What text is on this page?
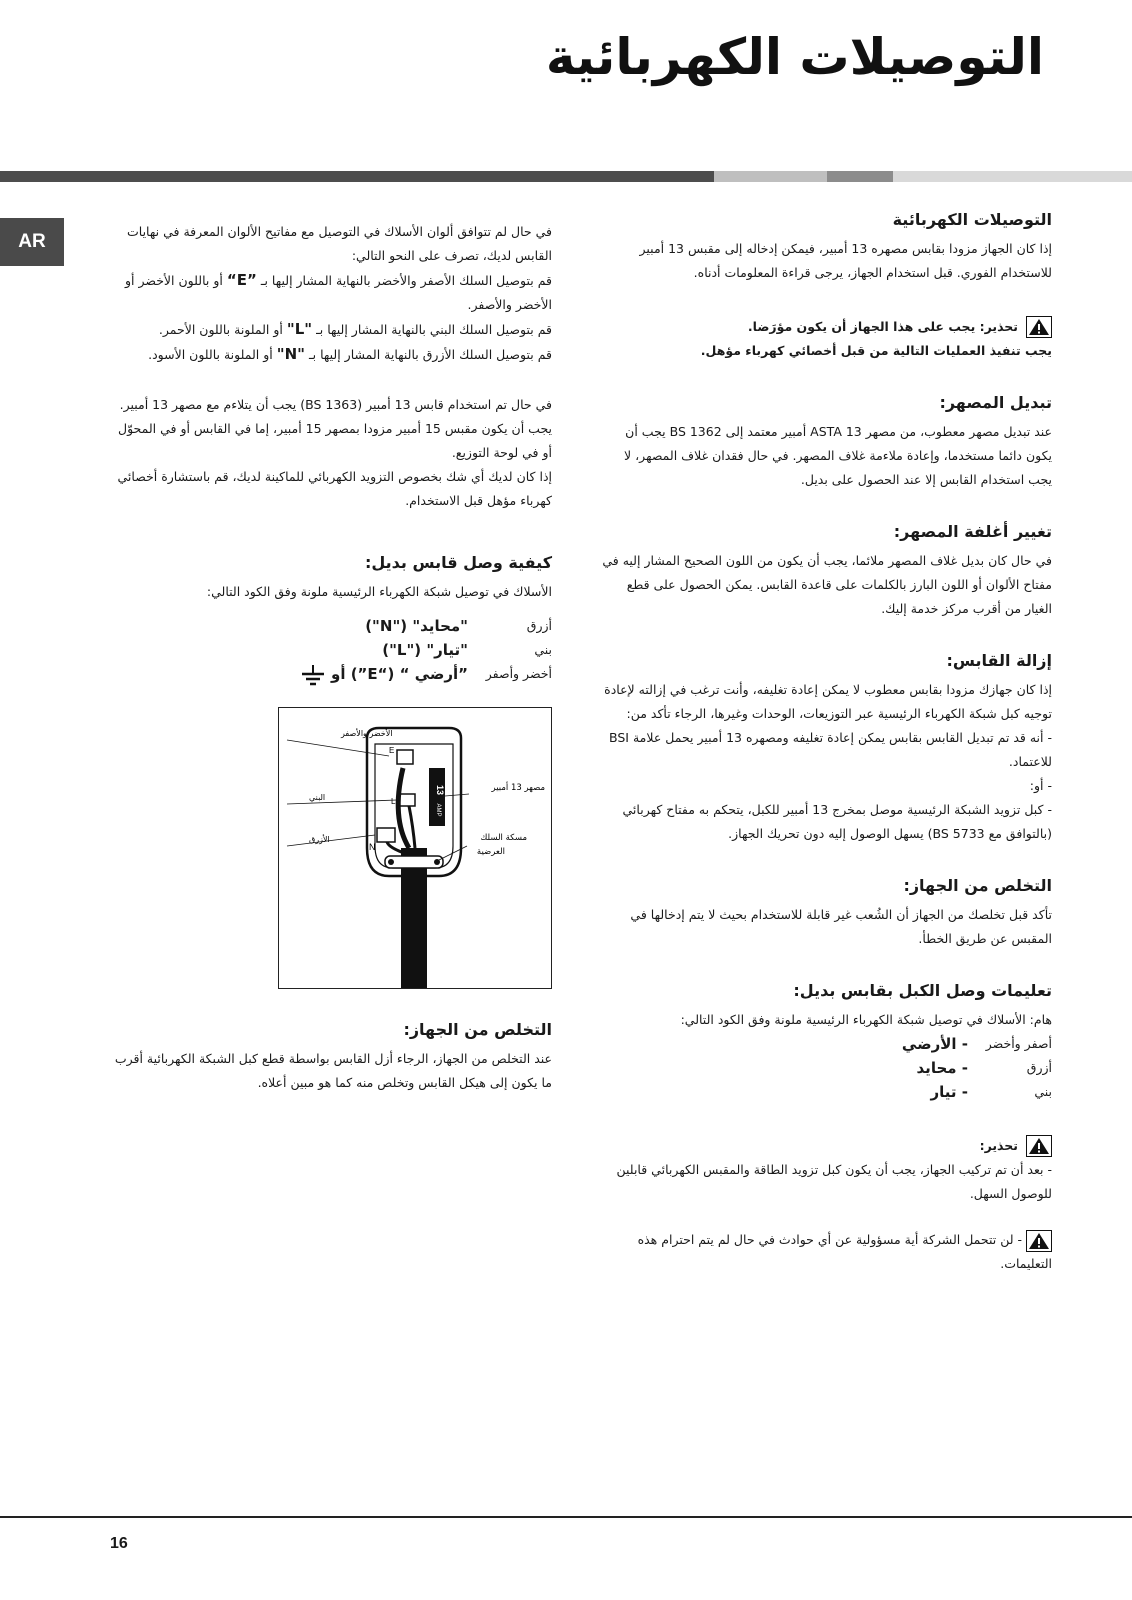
التوصيلات الكهربائية
AR
التوصيلات الكهربائية

إذا كان الجهاز مزودا بقابس مصهره 13 أمبير، فيمكن إدخاله إلى مقبس 13 أمبير للاستخدام الفوري. قبل استخدام الجهاز، يرجى قراءة المعلومات أدناه.

تحذير: يجب على هذا الجهاز أن يكون مؤرَضا.

يجب تنفيذ العمليات التالية من قبل أخصائي كهرباء مؤهل.

تبديل المصهر:

عند تبديل مصهر معطوب، من مصهر ASTA 13 أمبير معتمد إلى BS 1362 يجب أن يكون دائما مستخدما، وإعادة ملاءمة غلاف المصهر. في حال فقدان غلاف المصهر، لا يجب استخدام القابس إلا عند الحصول على بديل.

تغيير أغلفة المصهر:

في حال كان بديل غلاف المصهر ملائما، يجب أن يكون من اللون الصحيح المشار إليه في مفتاح الألوان أو اللون البارز بالكلمات على قاعدة القابس. يمكن الحصول على قطع الغيار من أقرب مركز خدمة إليك.

إزالة القابس:

إذا كان جهازك مزودا بقابس معطوب لا يمكن إعادة تغليفه، وأنت ترغب في إزالته لإعادة توجيه كبل شبكة الكهرباء الرئيسية عبر التوزيعات، الوحدات وغيرها، الرجاء تأكد من:

- أنه قد تم تبديل القابس بقابس يمكن إعادة تغليفه ومصهره 13 أمبير يحمل علامة BSI للاعتماد.

- أو:

- كبل تزويد الشبكة الرئيسية موصل بمخرج 13 أمبير للكبل، يتحكم به مفتاح كهربائي (بالتوافق مع BS 5733) يسهل الوصول إليه دون تحريك الجهاز.

التخلص من الجهاز:

تأكد قبل تخلصك من الجهاز أن الشُعب غير قابلة للاستخدام بحيث لا يتم إدخالها في المقبس عن طريق الخطأ.

تعليمات وصل الكبل بقابس بديل:

هام: الأسلاك في توصيل شبكة الكهرباء الرئيسية ملونة وفق الكود التالي:

أصفر وأخضر
- الأرضي
أزرق
- محايد
بني
- تيار

تحذير:

- بعد أن تم تركيب الجهاز، يجب أن يكون كبل تزويد الطاقة والمقبس الكهربائي قابلين للوصول السهل.

- لن تتحمل الشركة أية مسؤولية عن أي حوادث في حال لم يتم احترام هذه التعليمات.

في حال لم تتوافق ألوان الأسلاك في التوصيل مع مفاتيح الألوان المعرفة في نهايات القابس لديك، تصرف على النحو التالي:

قم بتوصيل السلك الأصفر والأخضر بالنهاية المشار إليها بـ ”E“ أو باللون الأخضر أو الأخضر والأصفر.

قم بتوصيل السلك البني بالنهاية المشار إليها بـ "L" أو الملونة باللون الأحمر.

قم بتوصيل السلك الأزرق بالنهاية المشار إليها بـ "N" أو الملونة باللون الأسود.

في حال تم استخدام قابس 13 أمبير (BS 1363) يجب أن يتلاءم مع مصهر 13 أمبير.

يجب أن يكون مقبس 15 أمبير مزودا بمصهر 15 أمبير، إما في القابس أو في المحوّل أو في لوحة التوزيع.

إذا كان لديك أي شك بخصوص التزويد الكهربائي للماكينة لديك، قم باستشارة أخصائي كهرباء مؤهل قبل الاستخدام.

كيفية وصل قابس بديل:

الأسلاك في توصيل شبكة الكهرباء الرئيسية ملونة وفق الكود التالي:

أزرق
"محايد" ("N")
بني
"تيار" ("L")
أخضر وأصفر
”أرضي “ (“E”) أو
13
AMP
E
L
N
الأخضر والأصفر
البني
الأزرق
مصهر 13 أمبير
مسكة السلك
العرضية
التخلص من الجهاز:

عند التخلص من الجهاز، الرجاء أزل القابس بواسطة قطع كبل الشبكة الكهربائية أقرب ما يكون إلى هيكل القابس وتخلص منه كما هو مبين أعلاه.

16
